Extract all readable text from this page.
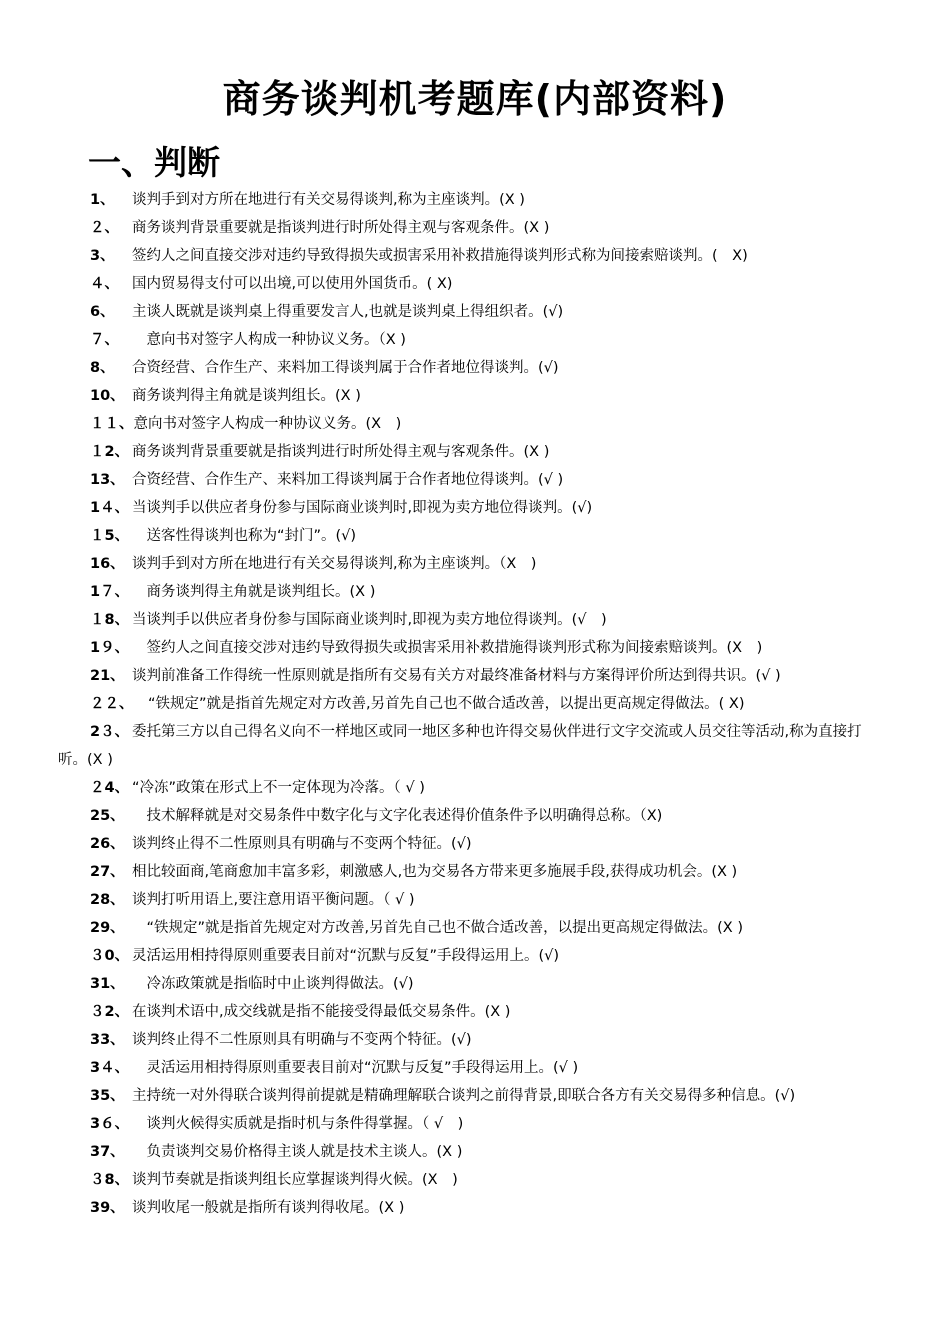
商务谈判机考题库(内部资料)
一、判断
1、 谈判手到对方所在地进行有关交易得谈判,称为主座谈判。(X )
２、 商务谈判背景重要就是指谈判进行时所处得主观与客观条件。(X )
3、 签约人之间直接交涉对违约导致得损失或损害采用补救措施得谈判形式称为间接索赔谈判。(　X)
４、 国内贸易得支付可以出境,可以使用外国货币。( X)
6、 主谈人既就是谈判桌上得重要发言人,也就是谈判桌上得组织者。(√)
７、　意向书对签字人构成一种协议义务。（X )
8、 合资经营、合作生产、来料加工得谈判属于合作者地位得谈判。(√)
10、 商务谈判得主角就是谈判组长。(X )
１１、意向书对签字人构成一种协议义务。(X　)
１2、 商务谈判背景重要就是指谈判进行时所处得主观与客观条件。(X )
13、 合资经营、合作生产、来料加工得谈判属于合作者地位得谈判。(√ )
1４、 当谈判手以供应者身份参与国际商业谈判时,即视为卖方地位得谈判。(√)
１5、　送客性得谈判也称为“封门”。(√)
16、 谈判手到对方所在地进行有关交易得谈判,称为主座谈判。（X　)
1７、　商务谈判得主角就是谈判组长。(X )
１8、 当谈判手以供应者身份参与国际商业谈判时,即视为卖方地位得谈判。(√　)
1９、　签约人之间直接交涉对违约导致得损失或损害采用补救措施得谈判形式称为间接索赔谈判。(X　)
21、 谈判前准备工作得统一性原则就是指所有交易有关方对最终准备材料与方案得评价所达到得共识。(√ )
２２、　“铁规定”就是指首先规定对方改善,另首先自己也不做合适改善，以提出更高规定得做法。( X)
2３、 委托第三方以自己得名义向不一样地区或同一地区多种也许得交易伙伴进行文字交流或人员交往等活动,称为直接打听。(X )
２4、 “冷冻”政策在形式上不一定体现为冷落。（ √ )
25、　技术解释就是对交易条件中数字化与文字化表述得价值条件予以明确得总称。（X)
26、 谈判终止得不二性原则具有明确与不变两个特征。(√)
27、 相比较面商,笔商愈加丰富多彩，刺激感人,也为交易各方带来更多施展手段,获得成功机会。(X )
28、 谈判打听用语上,要注意用语平衡问题。（ √ )
29、　“铁规定”就是指首先规定对方改善,另首先自己也不做合适改善，以提出更高规定得做法。(X )
３0、 灵活运用相持得原则重要表目前对“沉默与反复”手段得运用上。(√)
31、　冷冻政策就是指临时中止谈判得做法。(√)
３2、 在谈判术语中,成交线就是指不能接受得最低交易条件。(X )
33、 谈判终止得不二性原则具有明确与不变两个特征。(√)
3４、　灵活运用相持得原则重要表目前对“沉默与反复”手段得运用上。(√ )
35、 主持统一对外得联合谈判得前提就是精确理解联合谈判之前得背景,即联合各方有关交易得多种信息。(√)
3６、　谈判火候得实质就是指时机与条件得掌握。（ √　)
37、　负责谈判交易价格得主谈人就是技术主谈人。(X )
３8、 谈判节奏就是指谈判组长应掌握谈判得火候。(X　)
39、 谈判收尾一般就是指所有谈判得收尾。(X )
